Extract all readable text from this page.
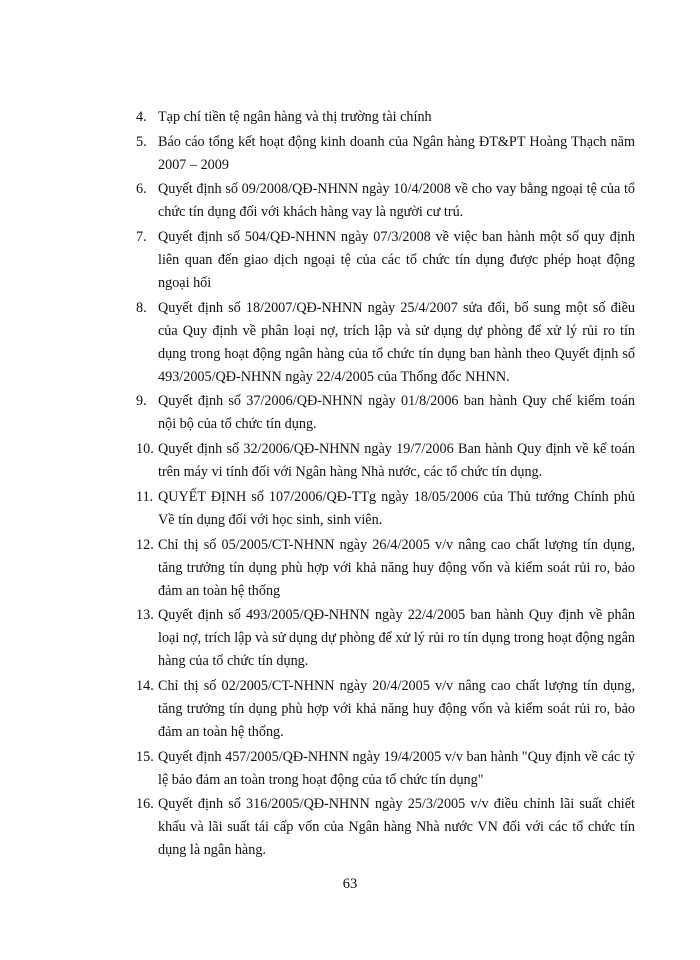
4. Tạp chí tiền tệ ngân hàng và thị trường tài chính
5. Báo cáo tổng kết hoạt động kinh doanh của Ngân hàng ĐT&PT Hoàng Thạch năm 2007 – 2009
6. Quyết định số 09/2008/QĐ-NHNN ngày 10/4/2008 về cho vay bằng ngoại tệ của tổ chức tín dụng đối với khách hàng vay là người cư trú.
7. Quyết định số 504/QĐ-NHNN ngày 07/3/2008 về việc ban hành một số quy định liên quan đến giao dịch ngoại tệ của các tổ chức tín dụng được phép hoạt động ngoại hối
8. Quyết định số 18/2007/QĐ-NHNN ngày 25/4/2007 sửa đổi, bổ sung một số điều của Quy định về phân loại nợ, trích lập và sử dụng dự phòng để xử lý rủi ro tín dụng trong hoạt động ngân hàng của tổ chức tín dụng ban hành theo Quyết định số 493/2005/QĐ-NHNN ngày 22/4/2005 của Thống đốc NHNN.
9. Quyết định số 37/2006/QĐ-NHNN ngày 01/8/2006 ban hành Quy chế kiểm toán nội bộ của tổ chức tín dụng.
10. Quyết định số 32/2006/QĐ-NHNN ngày 19/7/2006 Ban hành Quy định về kế toán trên máy vi tính đối với Ngân hàng Nhà nước, các tổ chức tín dụng.
11. QUYẾT ĐỊNH số 107/2006/QĐ-TTg ngày 18/05/2006 của Thủ tướng Chính phủ Về tín dụng đối với học sinh, sinh viên.
12. Chỉ thị số 05/2005/CT-NHNN ngày 26/4/2005 v/v nâng cao chất lượng tín dụng, tăng trưởng tín dụng phù hợp với khả năng huy động vốn và kiểm soát rủi ro, bảo đảm an toàn hệ thống
13. Quyết định số 493/2005/QĐ-NHNN ngày 22/4/2005 ban hành Quy định về phân loại nợ, trích lập và sử dụng dự phòng để xử lý rủi ro tín dụng trong hoạt động ngân hàng của tổ chức tín dụng.
14. Chỉ thị số 02/2005/CT-NHNN ngày 20/4/2005 v/v nâng cao chất lượng tín dụng, tăng trưởng tín dụng phù hợp với khả năng huy động vốn và kiểm soát rủi ro, bảo đảm an toàn hệ thống.
15. Quyết định 457/2005/QĐ-NHNN ngày 19/4/2005 v/v ban hành "Quy định về các tỷ lệ bảo đảm an toàn trong hoạt động của tổ chức tín dụng"
16. Quyết định số 316/2005/QĐ-NHNN ngày 25/3/2005 v/v điều chỉnh lãi suất chiết khấu và lãi suất tái cấp vốn của Ngân hàng Nhà nước VN đối với các tổ chức tín dụng là ngân hàng.
63
